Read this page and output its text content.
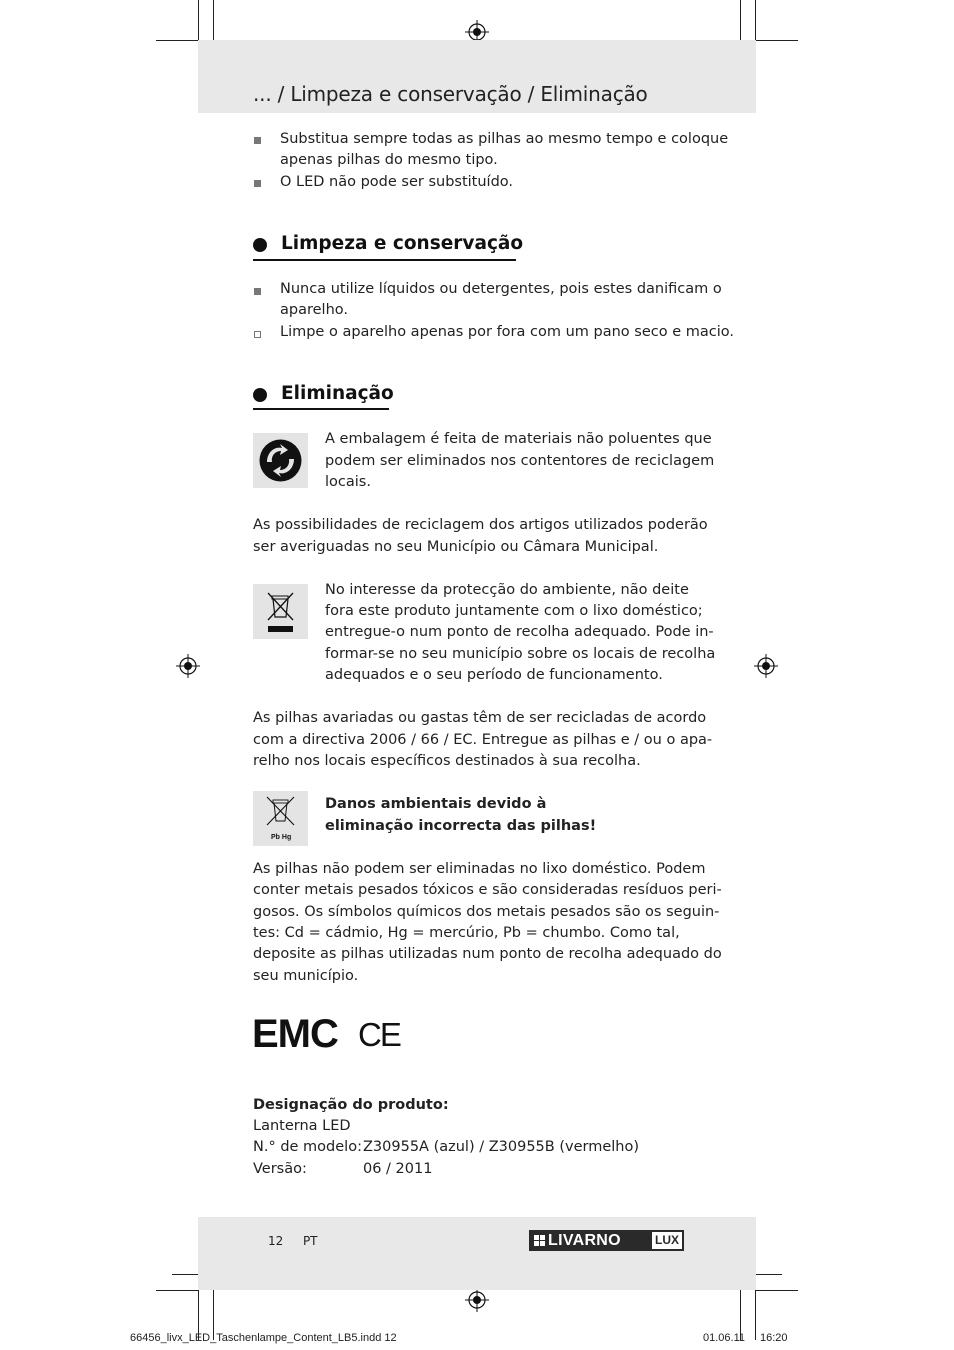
... / Limpeza e conservação / Eliminação
Substitua sempre todas as pilhas ao mesmo tempo e coloque
apenas pilhas do mesmo tipo.
O LED não pode ser substituído.
Limpeza e conservação
Nunca utilize líquidos ou detergentes, pois estes danificam o
aparelho.
Limpe o aparelho apenas por fora com um pano seco e macio.
Eliminação
A embalagem é feita de materiais não poluentes que
podem ser eliminados nos contentores de reciclagem
locais.
As possibilidades de reciclagem dos artigos utilizados poderão
ser averiguadas no seu Município ou Câmara Municipal.
No interesse da protecção do ambiente, não deite
fora este produto juntamente com o lixo doméstico;
entregue-o num ponto de recolha adequado. Pode in-
formar-se no seu município sobre os locais de recolha
adequados e o seu período de funcionamento.
As pilhas avariadas ou gastas têm de ser recicladas de acordo
com a directiva 2006 / 66 / EC. Entregue as pilhas e / ou o apa-
relho nos locais específicos destinados à sua recolha.
Pb Hg
Danos ambientais devido à
eliminação incorrecta das pilhas!
As pilhas não podem ser eliminadas no lixo doméstico. Podem
conter metais pesados tóxicos e são consideradas resíduos peri-
gosos. Os símbolos químicos dos metais pesados são os seguin-
tes: Cd = cádmio, Hg = mercúrio, Pb = chumbo. Como tal,
deposite as pilhas utilizadas num ponto de recolha adequado do
seu município.
EMC CE
Designação do produto:
Lanterna LED
N.° de modelo: Z30955A (azul) / Z30955B (vermelho)
Versão:	06 / 2011
12 PT	LIVARNO	LUX
66456_livx_LED_Taschenlampe_Content_LB5.indd 12	01.06.11 16:20
